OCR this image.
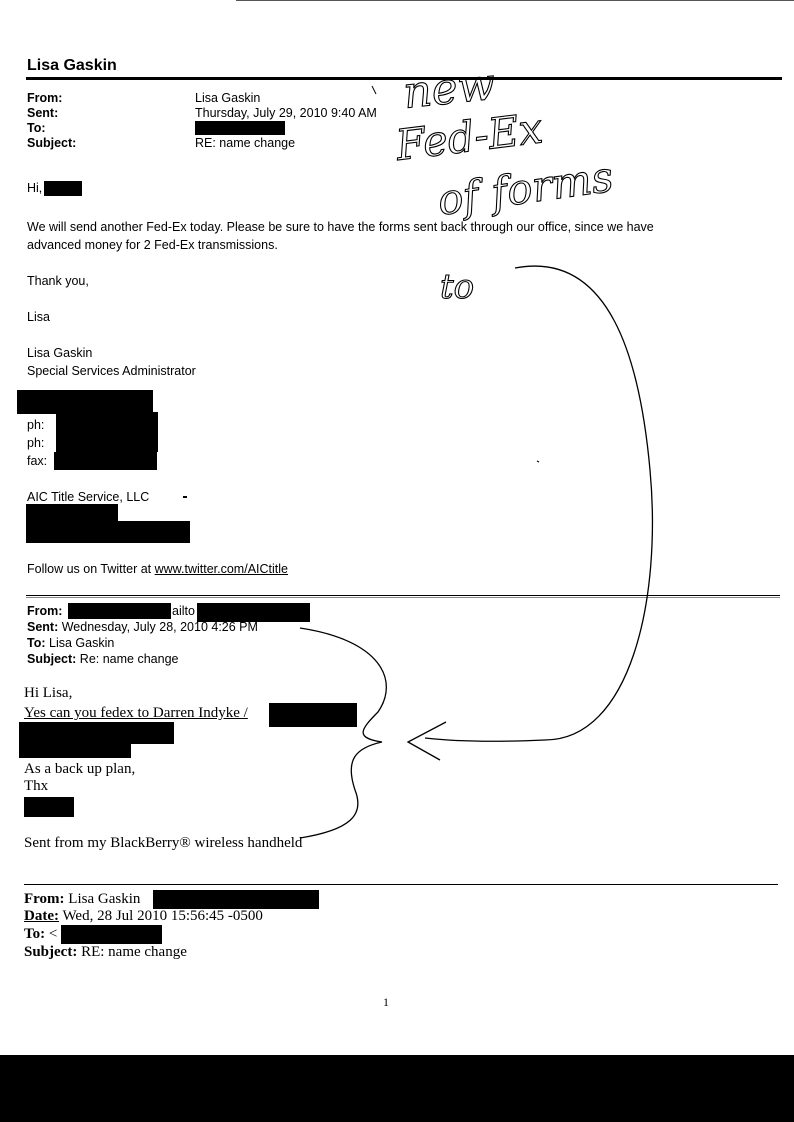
Lisa Gaskin
From:	Lisa Gaskin
Sent:	Thursday, July 29, 2010 9:40 AM
To:
Subject:	RE: name change
Hi,
We will send another Fed-Ex today. Please be sure to have the forms sent back through our office, since we have
advanced money for 2 Fed-Ex transmissions.
Thank you,
Lisa
Lisa Gaskin
Special Services Administrator
ph:
ph:
fax:
AIC Title Service, LLC
Follow us on Twitter at www.twitter.com/AICtitle
From:	ailto
Sent: Wednesday, July 28, 2010 4:26 PM
To: Lisa Gaskin
Subject: Re: name change
Hi Lisa,
Yes can you fedex to Darren Indyke /
As a back up plan,
Thx
Sent from my BlackBerry® wireless handheld
From: Lisa Gaskin
Date: Wed, 28 Jul 2010 15:56:45 -0500
To: <
Subject: RE: name change
1
new
Fed-Ex
of forms
to
